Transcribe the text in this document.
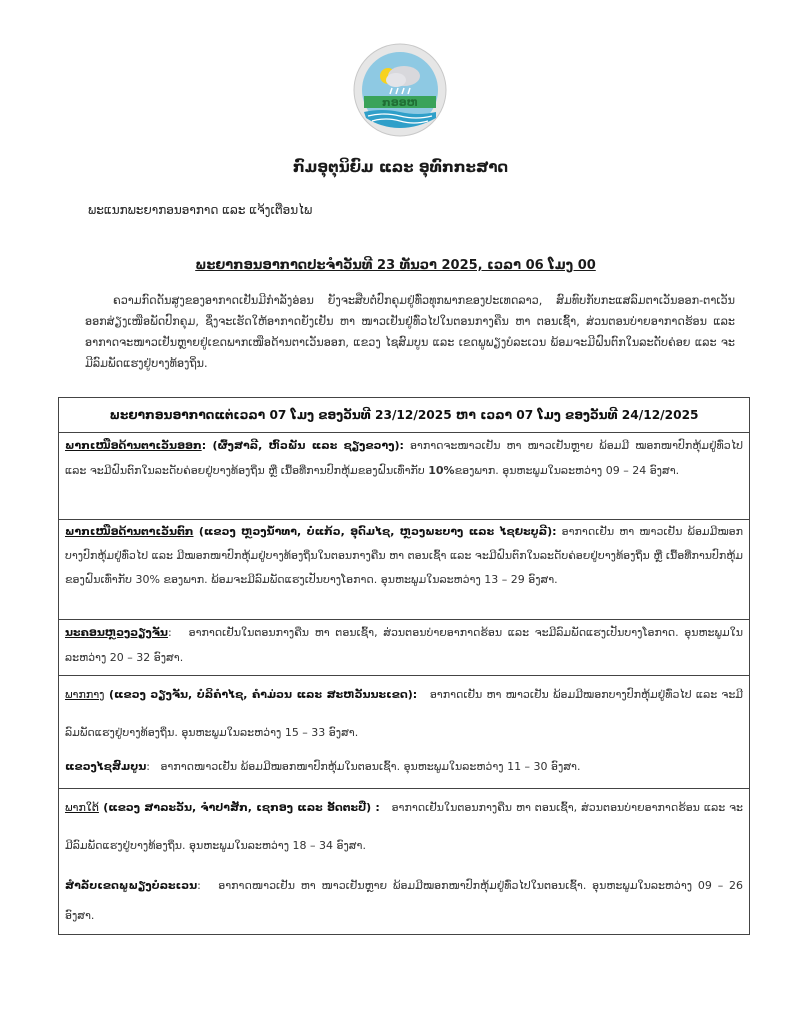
ກອອຫ
ກົມອຸຕຸນິຍົມ ແລະ ອຸທົກກະສາດ
ພະແນກພະຍາກອນອາກາດ ແລະ ແຈ້ງເຕືອນໄພ
ພະຍາກອນອາກາດປະຈຳວັນທີ 23 ທັນວາ 2025, ເວລາ 06 ໂມງ 00
ຄວາມກົດດັນສູງຂອງອາກາດເຢັນມີກຳລັງອ່ອນ ຍັງຈະສືບຕໍ່ປົກຄຸມຢູ່ທົ່ວທຸກພາກຂອງປະເທດລາວ, ສົມທົບກັບກະແສລົມຕາເວັນອອກ-ຕາເວັນອອກສ່ຽງເໜືອພັດປົກຄຸມ, ຊຶ່ງຈະເຮັດໃຫ້ອາກາດຍັງເຢັນ ຫາ ໜາວເຢັນຢູ່ທົ່ວໄປໃນຕອນກາງຄືນ ຫາ ຕອນເຊົ້າ, ສ່ວນຕອນບ່າຍອາກາດຮ້ອນ ແລະ ອາກາດຈະໜາວເຢັນຫຼາຍຢູ່ເຂດພາກເໜືອດ້ານຕາເວັນອອກ, ແຂວງ ໄຊສົມບູນ ແລະ ເຂດພູພຽງບໍລະເວນ ພ້ອມຈະມີຝົນຕົກໃນລະດັບຄ່ອຍ ແລະ ຈະມີລົມພັດແຮງຢູ່ບາງທ້ອງຖິ່ນ.
ພະຍາກອນອາກາດແຕ່ເວລາ 07 ໂມງ ຂອງວັນທີ 23/12/2025 ຫາ ເວລາ 07 ໂມງ ຂອງວັນທີ 24/12/2025
ພາກເໜືອດ້ານຕາເວັນອອກ: (ຜົ້ງສາລີ, ຫົວພັນ ແລະ ຊຽງຂວາງ): ອາກາດຈະໜາວເຢັນ ຫາ ໜາວເຢັນຫຼາຍ ພ້ອມມີ ໝອກໜາປົກຫຸ້ມຢູ່ທົ່ວໄປ ແລະ ຈະມີຝົນຕົກໃນລະດັບຄ່ອຍຢູ່ບາງທ້ອງຖິ່ນ ຫຼື ເນື້ອທີ່ການປົກຫຸ້ມຂອງຝົນເທົ່າກັບ 10%ຂອງພາກ. ອຸນຫະພູມໃນລະຫວ່າງ 09 – 24 ອົງສາ.
ພາກເໜືອດ້ານຕາເວັນຕົກ (ແຂວງ ຫຼວງນ້ຳທາ, ບໍ່ແກ້ວ, ອຸດົມໄຊ, ຫຼວງພະບາງ ແລະ ໄຊຍະບູລີ): ອາກາດເຢັນ ຫາ ໜາວເຢັນ ພ້ອມມີໝອກບາງປົກຫຸ້ມຢູ່ທົ່ວໄປ ແລະ ມີໝອກໜາປົກຫຸ້ມຢູ່ບາງທ້ອງຖິ່ນໃນຕອນກາງຄືນ ຫາ ຕອນເຊົ້າ ແລະ ຈະມີຝົນຕົກໃນລະດັບຄ່ອຍຢູ່ບາງທ້ອງຖິ່ນ ຫຼື ເນື້ອທີ່ການປົກຫຸ້ມຂອງຝົນເທົ່າກັບ 30% ຂອງພາກ. ພ້ອມຈະມີລົມພັດແຮງເປັນບາງໂອກາດ. ອຸນຫະພູມໃນລະຫວ່າງ 13 – 29 ອົງສາ.
ນະຄອນຫຼວງວຽງຈັນ: ອາກາດເຢັນໃນຕອນກາງຄືນ ຫາ ຕອນເຊົ້າ, ສ່ວນຕອນບ່າຍອາກາດຮ້ອນ ແລະ ຈະມີລົມພັດແຮງເປັນບາງໂອກາດ. ອຸນຫະພູມໃນລະຫວ່າງ 20 – 32 ອົງສາ.

ພາກກາງ (ແຂວງ ວຽງຈັນ, ບໍລິຄຳໄຊ, ຄຳມ່ວນ ແລະ ສະຫວັນນະເຂດ): ອາກາດເຢັນ ຫາ ໜາວເຢັນ ພ້ອມມີໝອກບາງປົກຫຸ້ມຢູ່ທົ່ວໄປ ແລະ ຈະມີ ລົມພັດແຮງຢູ່ບາງທ້ອງຖິ່ນ. ອຸນຫະພູມໃນລະຫວ່າງ 15 – 33 ອົງສາ.
ແຂວງໄຊສົມບູນ:   ອາກາດໜາວເຢັນ ພ້ອມມີໝອກໜາປົກຫຸ້ມໃນຕອນເຊົ້າ. ອຸນຫະພູມໃນລະຫວ່າງ 11 – 30 ອົງສາ.

ພາກໃຕ້ (ແຂວງ ສາລະວັນ, ຈຳປາສັກ, ເຊກອງ ແລະ ອັດຕະປື) : ອາກາດເຢັນໃນຕອນກາງຄືນ ຫາ ຕອນເຊົ້າ, ສ່ວນຕອນບ່າຍອາກາດຮ້ອນ ແລະ ຈະມີລົມພັດແຮງຢູ່ບາງທ້ອງຖິ່ນ. ອຸນຫະພູມໃນລະຫວ່າງ 18 – 34 ອົງສາ.
ສຳລັບເຂດພູພຽງບໍລະເວນ:   ອາກາດໜາວເຢັນ ຫາ ໜາວເຢັນຫຼາຍ ພ້ອມມີໝອກໜາປົກຫຸ້ມຢູ່ທົ່ວໄປໃນຕອນເຊົ້າ. ອຸນຫະພູມໃນລະຫວ່າງ 09 – 26 ອົງສາ.
